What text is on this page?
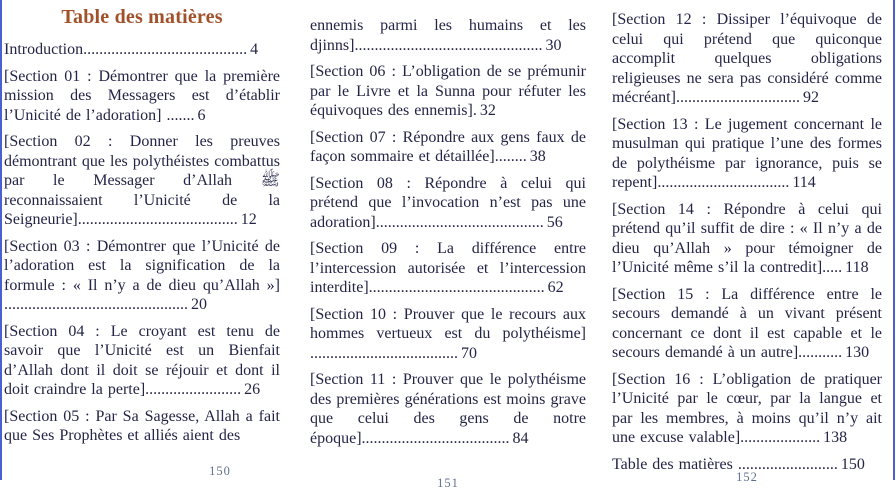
Table des matières

Introduction......................................... 4

[Section 01 : Démontrer que la première mission des Messagers est d’établir l’Unicité de l’adoration] ....... 6

[Section 02 : Donner les preuves démontrant que les polythéistes combattus par le Messager d’Allah ﷺ reconnaissaient l’Unicité de la Seigneurie]........................................ 12

[Section 03 : Démontrer que l’Unicité de l’adoration est la signification de la formule : « Il n’y a de dieu qu’Allah »] .............................................. 20

[Section 04 : Le croyant est tenu de savoir que l’Unicité est un Bienfait d’Allah dont il doit se réjouir et dont il doit craindre la perte]........................ 26

[Section 05 : Par Sa Sagesse, Allah a fait que Ses Prophètes et alliés aient des

150

ennemis parmi les humains et les djinns]............................................... 30

[Section 06 : L’obligation de se prémunir par le Livre et la Sunna pour réfuter les équivoques des ennemis]. 32

[Section 07 : Répondre aux gens faux de façon sommaire et détaillée]........ 38

[Section 08 : Répondre à celui qui prétend que l’invocation n’est pas une adoration].......................................... 56

[Section 09 : La différence entre l’intercession autorisée et l’intercession interdite]............................................ 62

[Section 10 : Prouver que le recours aux hommes vertueux est du polythéisme] ..................................... 70

[Section 11 : Prouver que le polythéisme des premières générations est moins grave que celui des gens de notre époque]..................................... 84

151

[Section 12 : Dissiper l’équivoque de celui qui prétend que quiconque accomplit quelques obligations religieuses ne sera pas considéré comme mécréant]............................... 92

[Section 13 : Le jugement concernant le musulman qui pratique l’une des formes de polythéisme par ignorance, puis se repent]................................. 114

[Section 14 : Répondre à celui qui prétend qu’il suffit de dire : « Il n’y a de dieu qu’Allah » pour témoigner de l’Unicité même s’il la contredit]..... 118

[Section 15 : La différence entre le secours demandé à un vivant présent concernant ce dont il est capable et le secours demandé à un autre]........... 130

[Section 16 : L’obligation de pratiquer l’Unicité par le cœur, par la langue et par les membres, à moins qu’il n’y ait une excuse valable].................... 138

Table des matières ......................... 150

152
